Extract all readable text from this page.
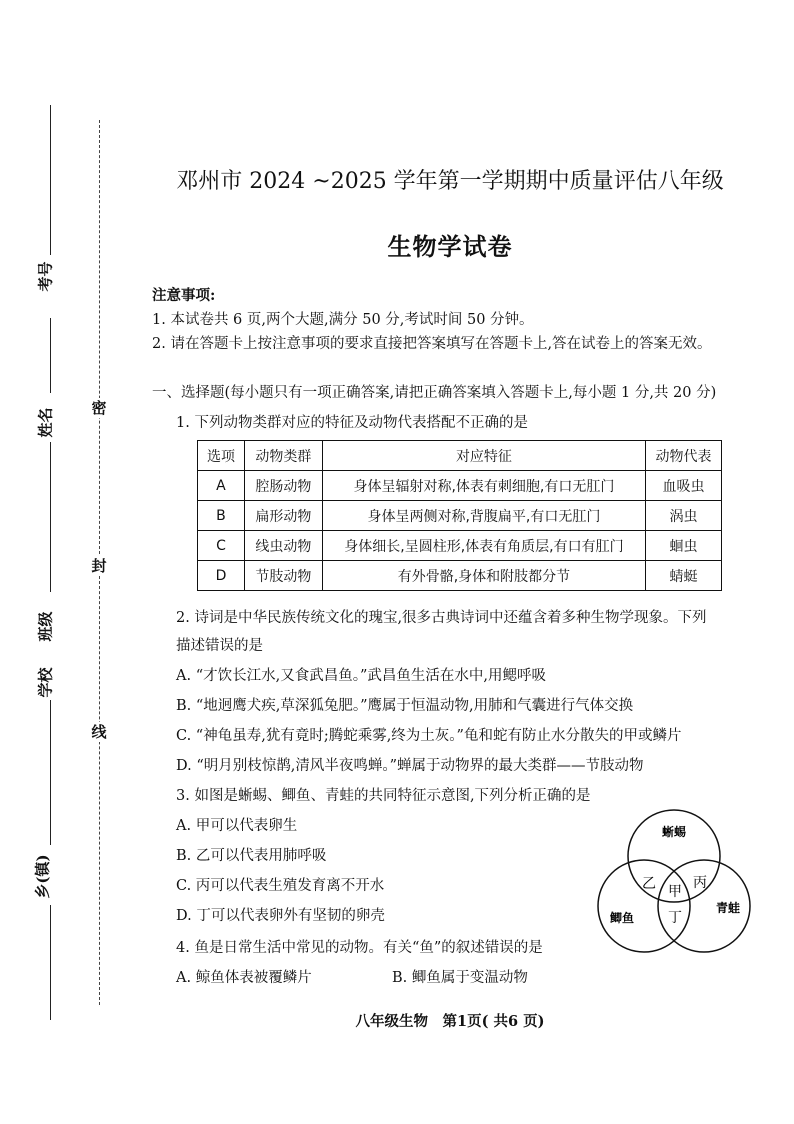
考号
姓名
班级
学校
乡(镇)
密
封
线
邓州市 2024 ~2025 学年第一学期期中质量评估八年级
生物学试卷
注意事项:
1. 本试卷共 6 页,两个大题,满分 50 分,考试时间 50 分钟。
2. 请在答题卡上按注意事项的要求直接把答案填写在答题卡上,答在试卷上的答案无效。
一、选择题(每小题只有一项正确答案,请把正确答案填入答题卡上,每小题 1 分,共 20 分)
1. 下列动物类群对应的特征及动物代表搭配不正确的是
选项	动物类群	对应特征	动物代表
A	腔肠动物	身体呈辐射对称,体表有刺细胞,有口无肛门	血吸虫
B	扁形动物	身体呈两侧对称,背腹扁平,有口无肛门	涡虫
C	线虫动物	身体细长,呈圆柱形,体表有角质层,有口有肛门	蛔虫
D	节肢动物	有外骨骼,身体和附肢都分节	蜻蜓
2. 诗词是中华民族传统文化的瑰宝,很多古典诗词中还蕴含着多种生物学现象。下列
描述错误的是
A. “才饮长江水,又食武昌鱼。”武昌鱼生活在水中,用鳃呼吸
B. “地迥鹰犬疾,草深狐兔肥。”鹰属于恒温动物,用肺和气囊进行气体交换
C. “神龟虽寿,犹有竟时;腾蛇乘雾,终为土灰。”龟和蛇有防止水分散失的甲或鳞片
D. “明月别枝惊鹊,清风半夜鸣蝉。”蝉属于动物界的最大类群——节肢动物
3. 如图是蜥蜴、鲫鱼、青蛙的共同特征示意图,下列分析正确的是
A. 甲可以代表卵生
B. 乙可以代表用肺呼吸
C. 丙可以代表生殖发育离不开水
D. 丁可以代表卵外有坚韧的卵壳
蜥蜴
鲫鱼
青蛙
乙	丙
甲
丁
4. 鱼是日常生活中常见的动物。有关“鱼”的叙述错误的是
A. 鲸鱼体表被覆鳞片	B. 鲫鱼属于变温动物
八年级生物　第1页( 共6 页)
